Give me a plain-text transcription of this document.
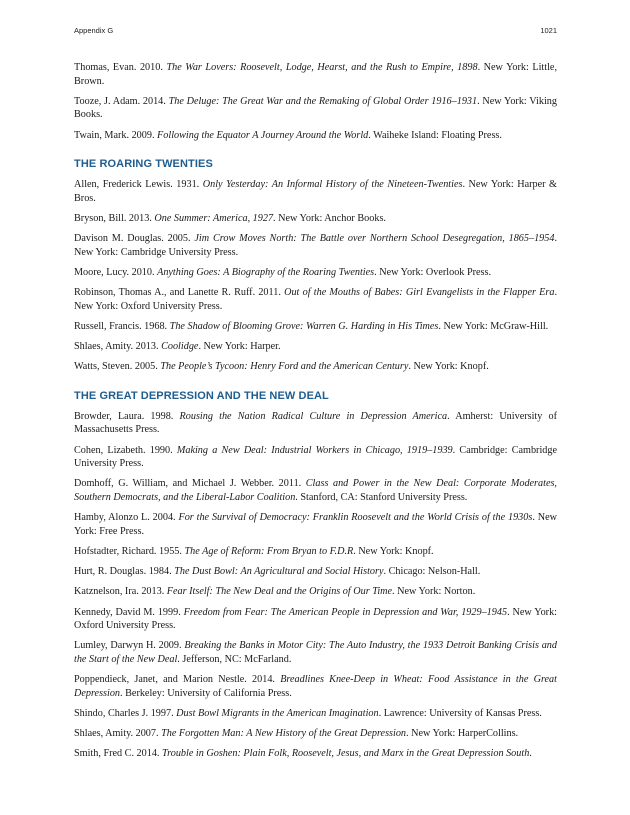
Appendix G	1021

Thomas, Evan. 2010. The War Lovers: Roosevelt, Lodge, Hearst, and the Rush to Empire, 1898. New York: Little, Brown.

Tooze, J. Adam. 2014. The Deluge: The Great War and the Remaking of Global Order 1916–1931. New York: Viking Books.

Twain, Mark. 2009. Following the Equator A Journey Around the World. Waiheke Island: Floating Press.

THE ROARING TWENTIES

Allen, Frederick Lewis. 1931. Only Yesterday: An Informal History of the Nineteen-Twenties. New York: Harper & Bros.

Bryson, Bill. 2013. One Summer: America, 1927. New York: Anchor Books.

Davison M. Douglas. 2005. Jim Crow Moves North: The Battle over Northern School Desegregation, 1865–1954. New York: Cambridge University Press.

Moore, Lucy. 2010. Anything Goes: A Biography of the Roaring Twenties. New York: Overlook Press.

Robinson, Thomas A., and Lanette R. Ruff. 2011. Out of the Mouths of Babes: Girl Evangelists in the Flapper Era. New York: Oxford University Press.

Russell, Francis. 1968. The Shadow of Blooming Grove: Warren G. Harding in His Times. New York: McGraw-Hill.

Shlaes, Amity. 2013. Coolidge. New York: Harper.

Watts, Steven. 2005. The People’s Tycoon: Henry Ford and the American Century. New York: Knopf.

THE GREAT DEPRESSION AND THE NEW DEAL

Browder, Laura. 1998. Rousing the Nation Radical Culture in Depression America. Amherst: University of Massachusetts Press.

Cohen, Lizabeth. 1990. Making a New Deal: Industrial Workers in Chicago, 1919–1939. Cambridge: Cambridge University Press.

Domhoff, G. William, and Michael J. Webber. 2011. Class and Power in the New Deal: Corporate Moderates, Southern Democrats, and the Liberal-Labor Coalition. Stanford, CA: Stanford University Press.

Hamby, Alonzo L. 2004. For the Survival of Democracy: Franklin Roosevelt and the World Crisis of the 1930s. New York: Free Press.

Hofstadter, Richard. 1955. The Age of Reform: From Bryan to F.D.R. New York: Knopf.

Hurt, R. Douglas. 1984. The Dust Bowl: An Agricultural and Social History. Chicago: Nelson-Hall.

Katznelson, Ira. 2013. Fear Itself: The New Deal and the Origins of Our Time. New York: Norton.

Kennedy, David M. 1999. Freedom from Fear: The American People in Depression and War, 1929–1945. New York: Oxford University Press.

Lumley, Darwyn H. 2009. Breaking the Banks in Motor City: The Auto Industry, the 1933 Detroit Banking Crisis and the Start of the New Deal. Jefferson, NC: McFarland.

Poppendieck, Janet, and Marion Nestle. 2014. Breadlines Knee-Deep in Wheat: Food Assistance in the Great Depression. Berkeley: University of California Press.

Shindo, Charles J. 1997. Dust Bowl Migrants in the American Imagination. Lawrence: University of Kansas Press.

Shlaes, Amity. 2007. The Forgotten Man: A New History of the Great Depression. New York: HarperCollins.

Smith, Fred C. 2014. Trouble in Goshen: Plain Folk, Roosevelt, Jesus, and Marx in the Great Depression South.
